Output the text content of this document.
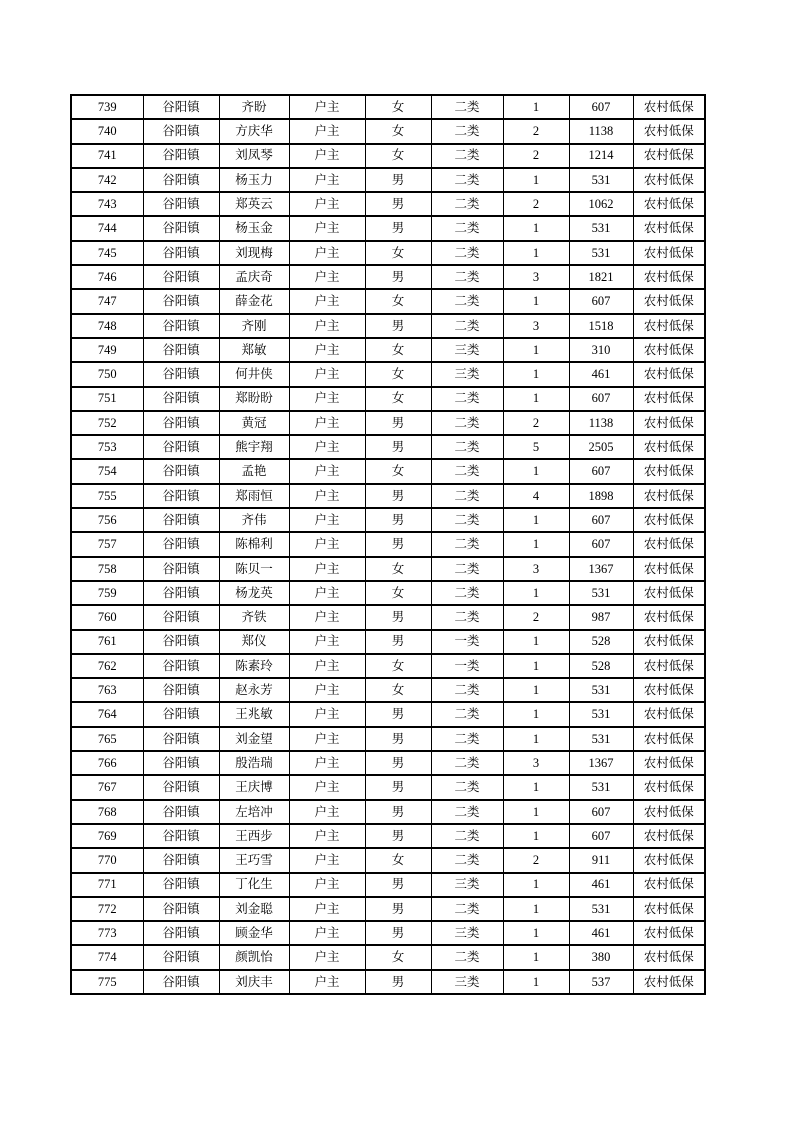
739	谷阳镇	齐盼	户主	女	二类	1	607	农村低保
740	谷阳镇	方庆华	户主	女	二类	2	1138	农村低保
741	谷阳镇	刘凤琴	户主	女	二类	2	1214	农村低保
742	谷阳镇	杨玉力	户主	男	二类	1	531	农村低保
743	谷阳镇	郑英云	户主	男	二类	2	1062	农村低保
744	谷阳镇	杨玉金	户主	男	二类	1	531	农村低保
745	谷阳镇	刘现梅	户主	女	二类	1	531	农村低保
746	谷阳镇	孟庆奇	户主	男	二类	3	1821	农村低保
747	谷阳镇	薛金花	户主	女	二类	1	607	农村低保
748	谷阳镇	齐刚	户主	男	二类	3	1518	农村低保
749	谷阳镇	郑敏	户主	女	三类	1	310	农村低保
750	谷阳镇	何井侠	户主	女	三类	1	461	农村低保
751	谷阳镇	郑盼盼	户主	女	二类	1	607	农村低保
752	谷阳镇	黄冠	户主	男	二类	2	1138	农村低保
753	谷阳镇	熊宇翔	户主	男	二类	5	2505	农村低保
754	谷阳镇	孟艳	户主	女	二类	1	607	农村低保
755	谷阳镇	郑雨恒	户主	男	二类	4	1898	农村低保
756	谷阳镇	齐伟	户主	男	二类	1	607	农村低保
757	谷阳镇	陈棉利	户主	男	二类	1	607	农村低保
758	谷阳镇	陈贝一	户主	女	二类	3	1367	农村低保
759	谷阳镇	杨龙英	户主	女	二类	1	531	农村低保
760	谷阳镇	齐铁	户主	男	二类	2	987	农村低保
761	谷阳镇	郑仪	户主	男	一类	1	528	农村低保
762	谷阳镇	陈素玲	户主	女	一类	1	528	农村低保
763	谷阳镇	赵永芳	户主	女	二类	1	531	农村低保
764	谷阳镇	王兆敏	户主	男	二类	1	531	农村低保
765	谷阳镇	刘金望	户主	男	二类	1	531	农村低保
766	谷阳镇	殷浩瑞	户主	男	二类	3	1367	农村低保
767	谷阳镇	王庆博	户主	男	二类	1	531	农村低保
768	谷阳镇	左培冲	户主	男	二类	1	607	农村低保
769	谷阳镇	王西步	户主	男	二类	1	607	农村低保
770	谷阳镇	王巧雪	户主	女	二类	2	911	农村低保
771	谷阳镇	丁化生	户主	男	三类	1	461	农村低保
772	谷阳镇	刘金聪	户主	男	二类	1	531	农村低保
773	谷阳镇	顾金华	户主	男	三类	1	461	农村低保
774	谷阳镇	颜凯怡	户主	女	二类	1	380	农村低保
775	谷阳镇	刘庆丰	户主	男	三类	1	537	农村低保
